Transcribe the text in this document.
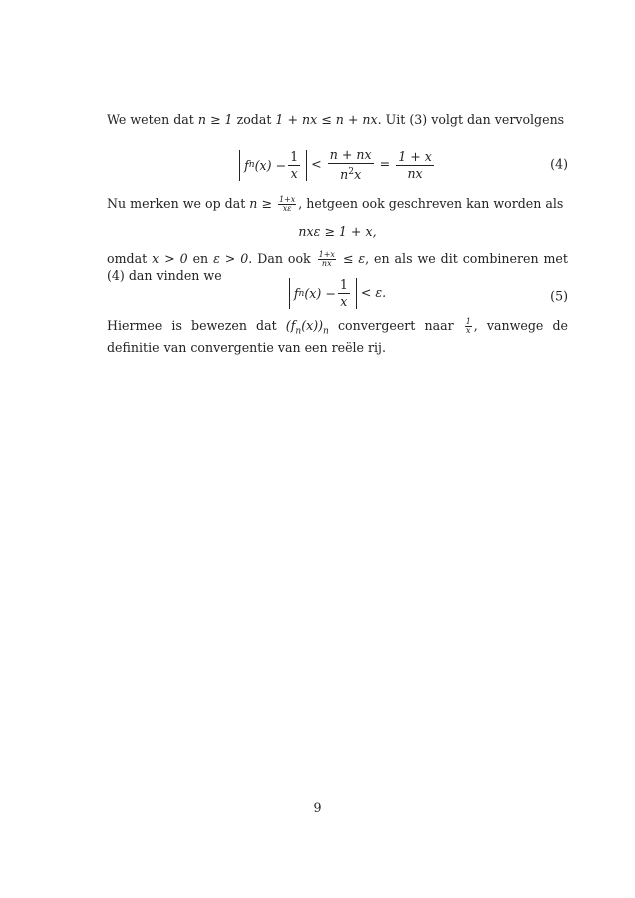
We weten dat n ≥ 1 zodat 1 + nx ≤ n + nx. Uit (3) volgt dan vervolgens

f n $(x) - \frac{1}{x} < \frac{n + nx}{n^2x} = \frac{1 + x}{nx}$	(4)

Nu merken we op dat $n \ge \frac{1+x}{x\varepsilon}$ , hetgeen ook geschreven kan worden als

nxε ≥ 1 + x,

omdat x > 0 en ε > 0. Dan ook $\frac{1+x}{nx} \le \varepsilon$, en als we dit combineren met (4) dan vinden we

f n $(x) - \frac{1}{x} < \varepsilon$.	(5)

Hiermee is bewezen dat $(f_n(x))_n$ convergeert naar $\frac{1}{x}$ , vanwege de definitie van convergentie van een reële rij.

9
